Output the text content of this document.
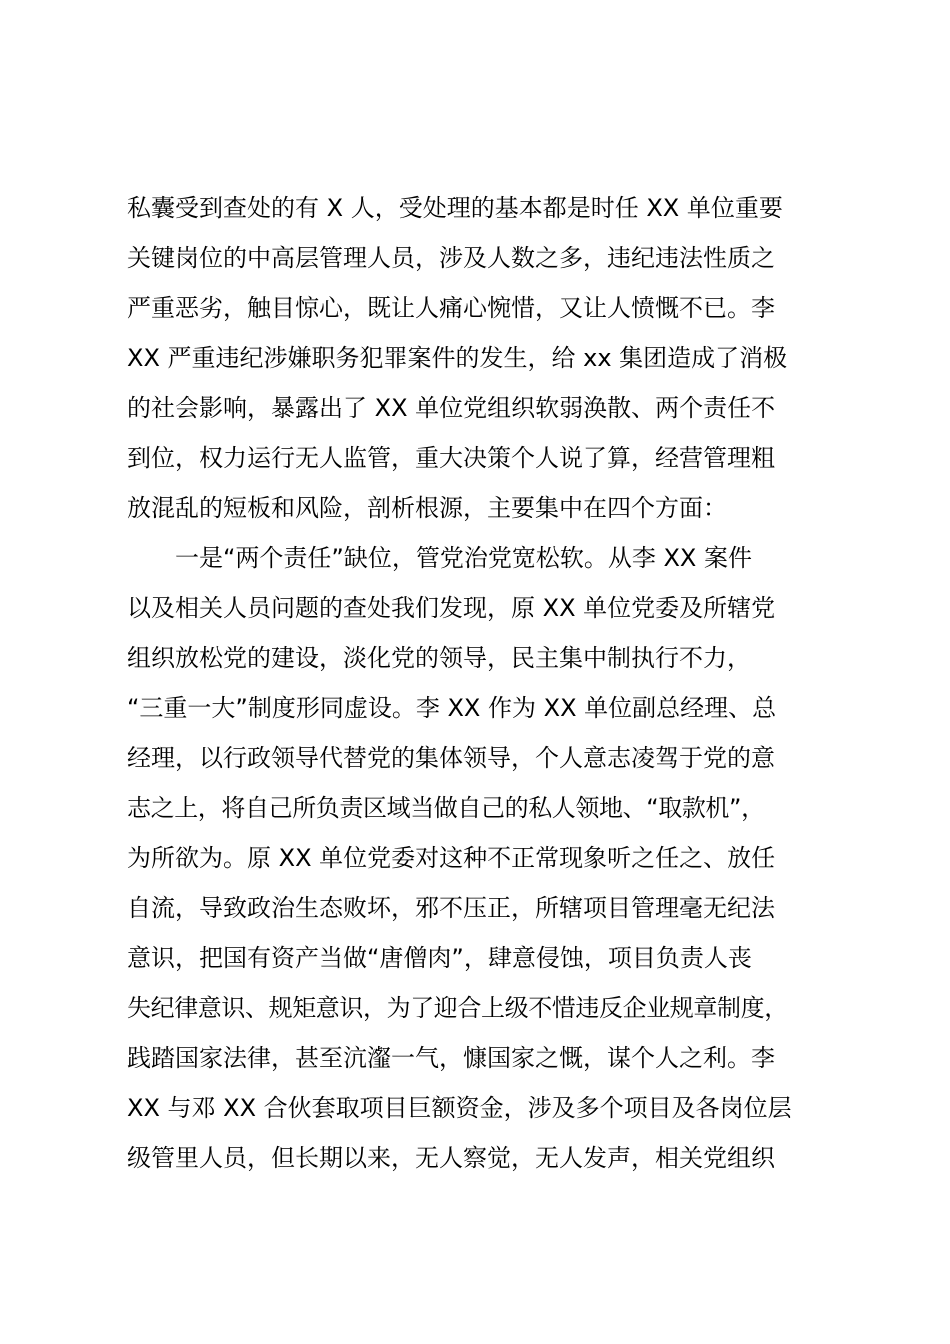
私囊受到查处的有 X 人，受处理的基本都是时任 XX 单位重要
关键岗位的中高层管理人员，涉及人数之多，违纪违法性质之
严重恶劣，触目惊心，既让人痛心惋惜，又让人愤慨不已。李
XX 严重违纪涉嫌职务犯罪案件的发生，给 xx 集团造成了消极
的社会影响，暴露出了 XX 单位党组织软弱涣散、两个责任不
到位，权力运行无人监管，重大决策个人说了算，经营管理粗
放混乱的短板和风险，剖析根源，主要集中在四个方面：
一是“两个责任”缺位，管党治党宽松软。从李 XX 案件
以及相关人员问题的查处我们发现，原 XX 单位党委及所辖党
组织放松党的建设，淡化党的领导，民主集中制执行不力，
“三重一大”制度形同虚设。李 XX 作为 XX 单位副总经理、总
经理，以行政领导代替党的集体领导，个人意志凌驾于党的意
志之上，将自己所负责区域当做自己的私人领地、“取款机”，
为所欲为。原 XX 单位党委对这种不正常现象听之任之、放任
自流，导致政治生态败坏，邪不压正，所辖项目管理毫无纪法
意识，把国有资产当做“唐僧肉”，肆意侵蚀，项目负责人丧
失纪律意识、规矩意识，为了迎合上级不惜违反企业规章制度，
践踏国家法律，甚至沆瀣一气，慷国家之慨，谋个人之利。李
XX 与邓 XX 合伙套取项目巨额资金，涉及多个项目及各岗位层
级管里人员，但长期以来，无人察觉，无人发声，相关党组织
